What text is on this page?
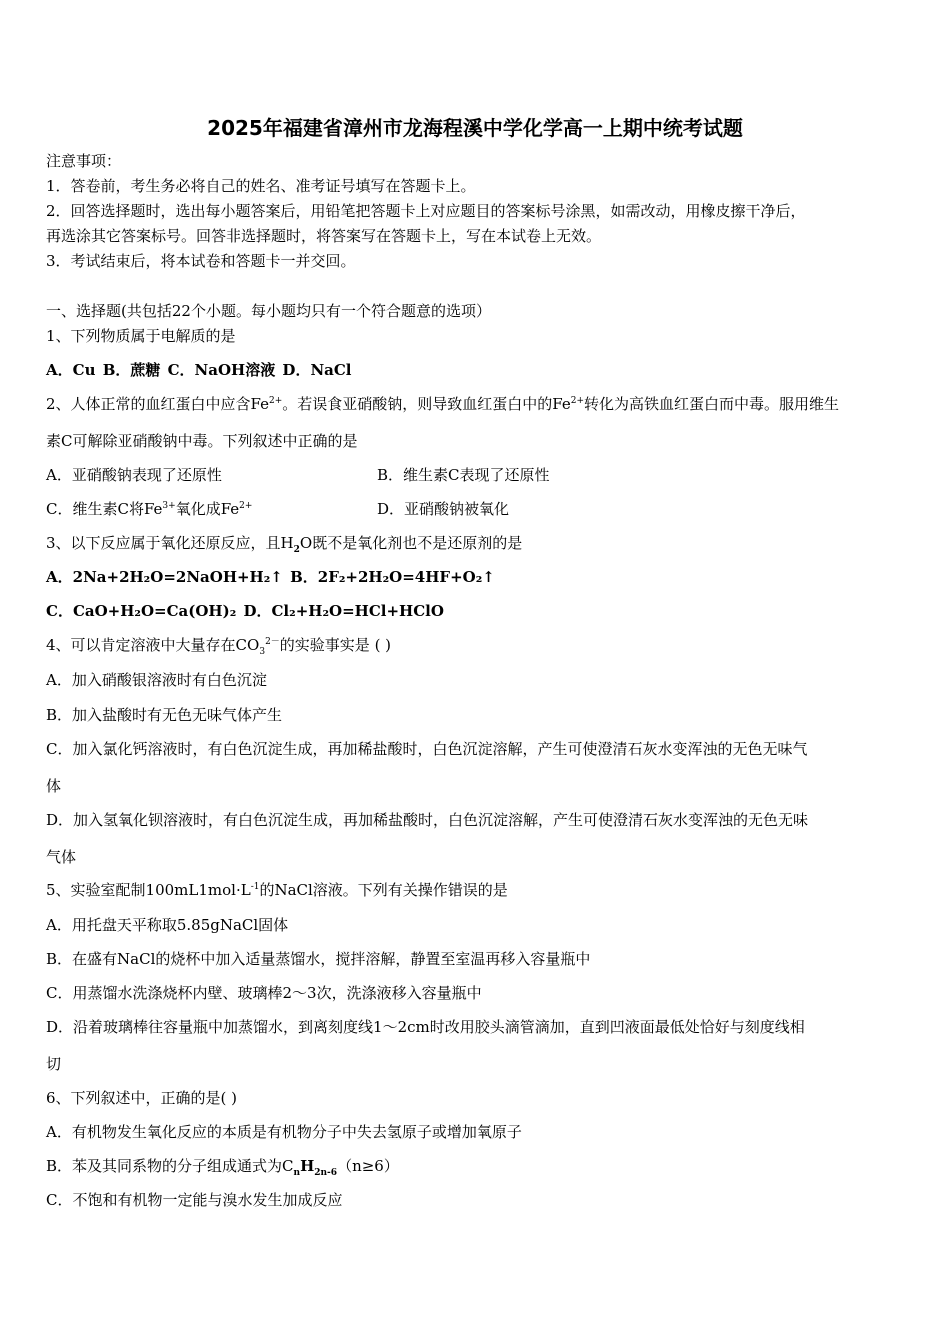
2025年福建省漳州市龙海程溪中学化学高一上期中统考试题
注意事项：
1．答卷前，考生务必将自己的姓名、准考证号填写在答题卡上。
2．回答选择题时，选出每小题答案后，用铅笔把答题卡上对应题目的答案标号涂黑，如需改动，用橡皮擦干净后，
再选涂其它答案标号。回答非选择题时，将答案写在答题卡上，写在本试卷上无效。
3．考试结束后，将本试卷和答题卡一并交回。
一、选择题(共包括22个小题。每小题均只有一个符合题意的选项）
1、下列物质属于电解质的是
A．Cu B．蔗糖 C．NaOH溶液 D．NaCl
2、人体正常的血红蛋白中应含$Fe^{2+}$。若误食亚硝酸钠，则导致血红蛋白中的$Fe^{2+}$转化为高铁血红蛋白而中毒。服用维生
素C可解除亚硝酸钠中毒。下列叙述中正确的是
A．亚硝酸钠表现了还原性	B．维生素C表现了还原性
C．维生素C将$Fe^{3+}$氧化成$Fe^{2+}$	D．亚硝酸钠被氧化
3、以下反应属于氧化还原反应，且$H_2O$既不是氧化剂也不是还原剂的是
A．2Na+2H₂O=2NaOH+H₂↑ B．2F₂+2H₂O=4HF+O₂↑
C．CaO+H₂O=Ca(OH)₂ D．Cl₂+H₂O=HCl+HClO
4、可以肯定溶液中大量存在$CO_3^{2-}$的实验事实是 ( )
A．加入硝酸银溶液时有白色沉淀
B．加入盐酸时有无色无味气体产生
C．加入氯化钙溶液时，有白色沉淀生成，再加稀盐酸时，白色沉淀溶解，产生可使澄清石灰水变浑浊的无色无味气
体
D．加入氢氧化钡溶液时，有白色沉淀生成，再加稀盐酸时，白色沉淀溶解，产生可使澄清石灰水变浑浊的无色无味
气体
5、实验室配制$100mL1mol\cdot L^{-1}$的NaCl溶液。下列有关操作错误的是
A．用托盘天平称取5.85gNaCl固体
B．在盛有NaCl的烧杯中加入适量蒸馏水，搅拌溶解，静置至室温再移入容量瓶中
C．用蒸馏水洗涤烧杯内壁、玻璃棒2～3次，洗涤液移入容量瓶中
D．沿着玻璃棒往容量瓶中加蒸馏水，到离刻度线1～2cm时改用胶头滴管滴加，直到凹液面最低处恰好与刻度线相
切
6、下列叙述中，正确的是( )
A．有机物发生氧化反应的本质是有机物分子中失去氢原子或增加氧原子
B．苯及其同系物的分子组成通式为$C_nH_{2n-6}(n\ge 6)$
C．不饱和有机物一定能与溴水发生加成反应
